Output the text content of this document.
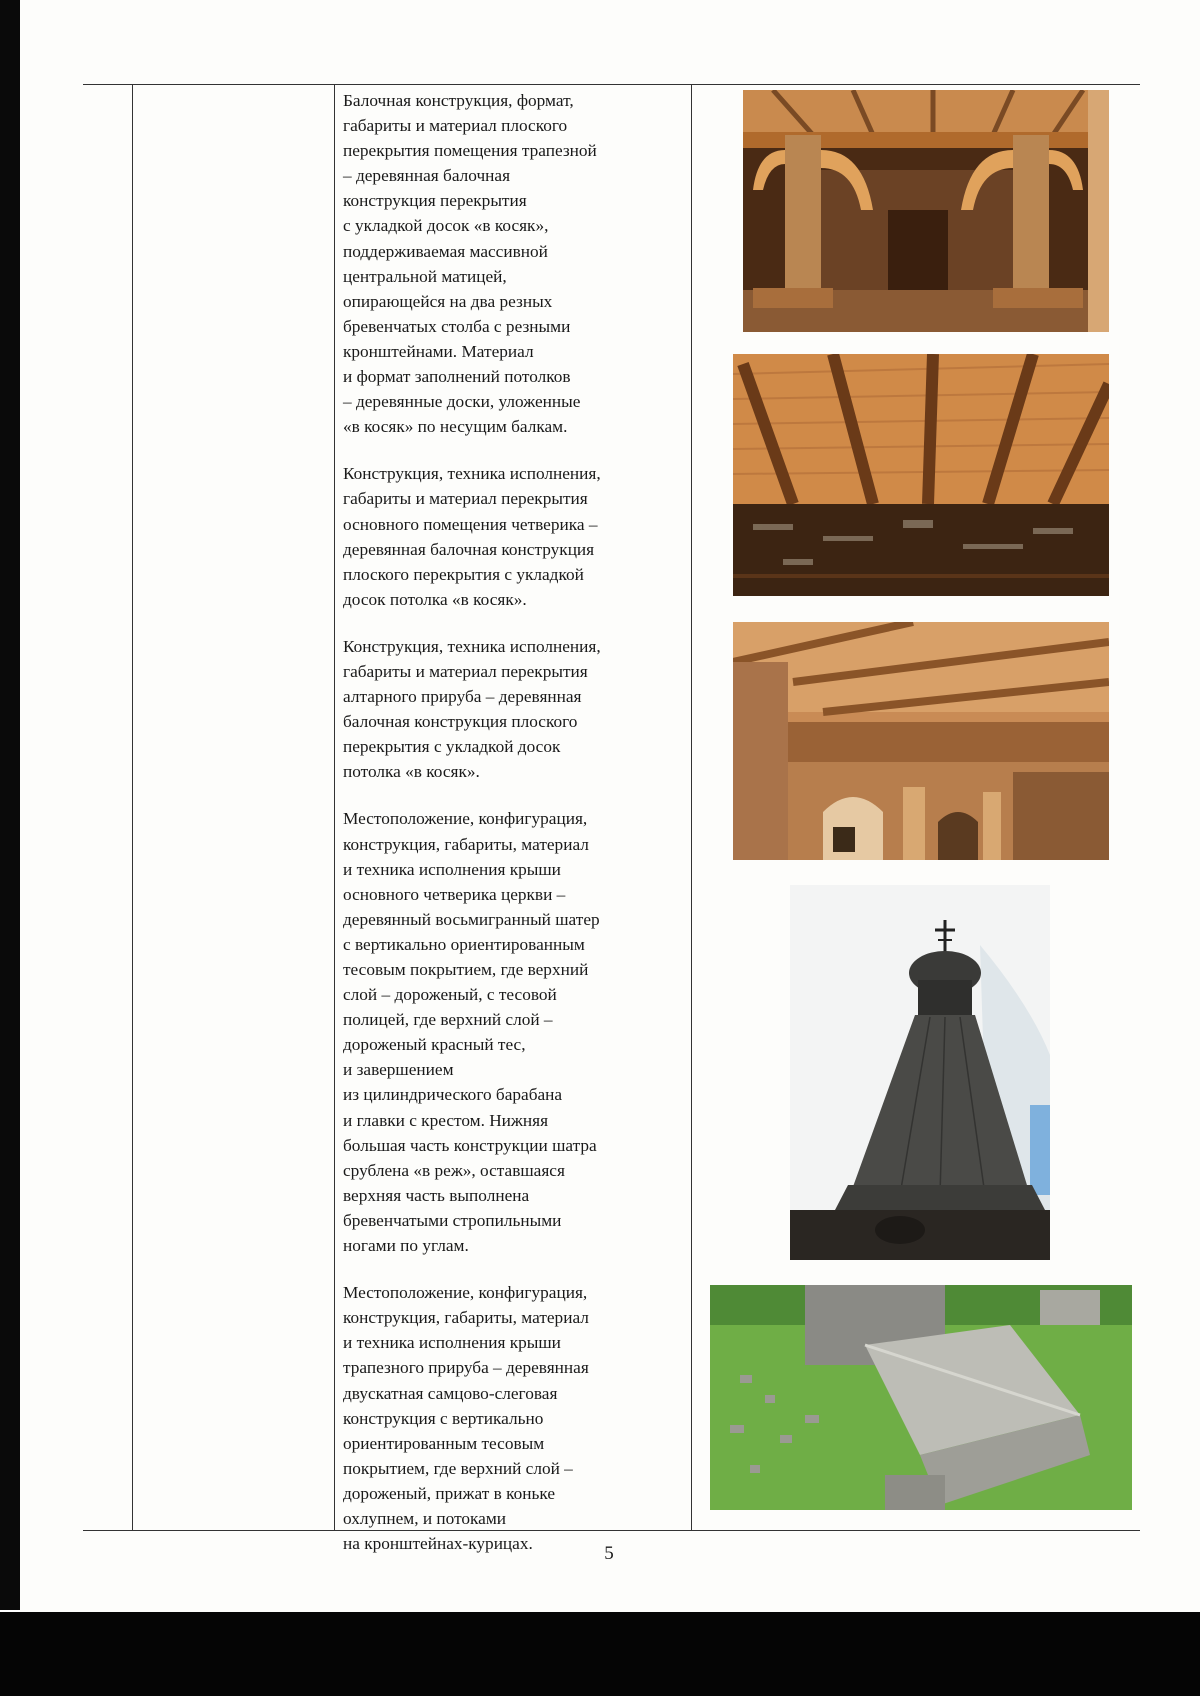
Балочная конструкция, формат,
габариты и материал плоского
перекрытия помещения трапезной
– деревянная балочная
конструкция перекрытия
с укладкой досок «в косяк»,
поддерживаемая массивной
центральной матицей,
опирающейся на два резных
бревенчатых столба с резными
кронштейнами. Материал
и формат заполнений потолков
– деревянные доски, уложенные
«в косяк» по несущим балкам.

Конструкция, техника исполнения,
габариты и материал перекрытия
основного помещения четверика –
деревянная балочная конструкция
плоского перекрытия с укладкой
досок потолка «в косяк».

Конструкция, техника исполнения,
габариты и материал перекрытия
алтарного прируба – деревянная
балочная конструкция плоского
перекрытия с укладкой досок
потолка «в косяк».

Местоположение, конфигурация,
конструкция, габариты, материал
и техника исполнения крыши
основного четверика церкви –
деревянный восьмигранный шатер
с вертикально ориентированным
тесовым покрытием, где верхний
слой – дороженый, с тесовой
полицей, где верхний слой –
дороженый красный тес,
и завершением
из цилиндрического барабана
и главки с крестом. Нижняя
большая часть конструкции шатра
срублена «в реж», оставшаяся
верхняя часть выполнена
бревенчатыми стропильными
ногами по углам.

Местоположение, конфигурация,
конструкция, габариты, материал
и техника исполнения крыши
трапезного прируба – деревянная
двускатная самцово-слеговая
конструкция с вертикально
ориентированным тесовым
покрытием, где верхний слой –
дороженый, прижат в коньке
охлупнем, и потоками
на кронштейнах-курицах.	5
